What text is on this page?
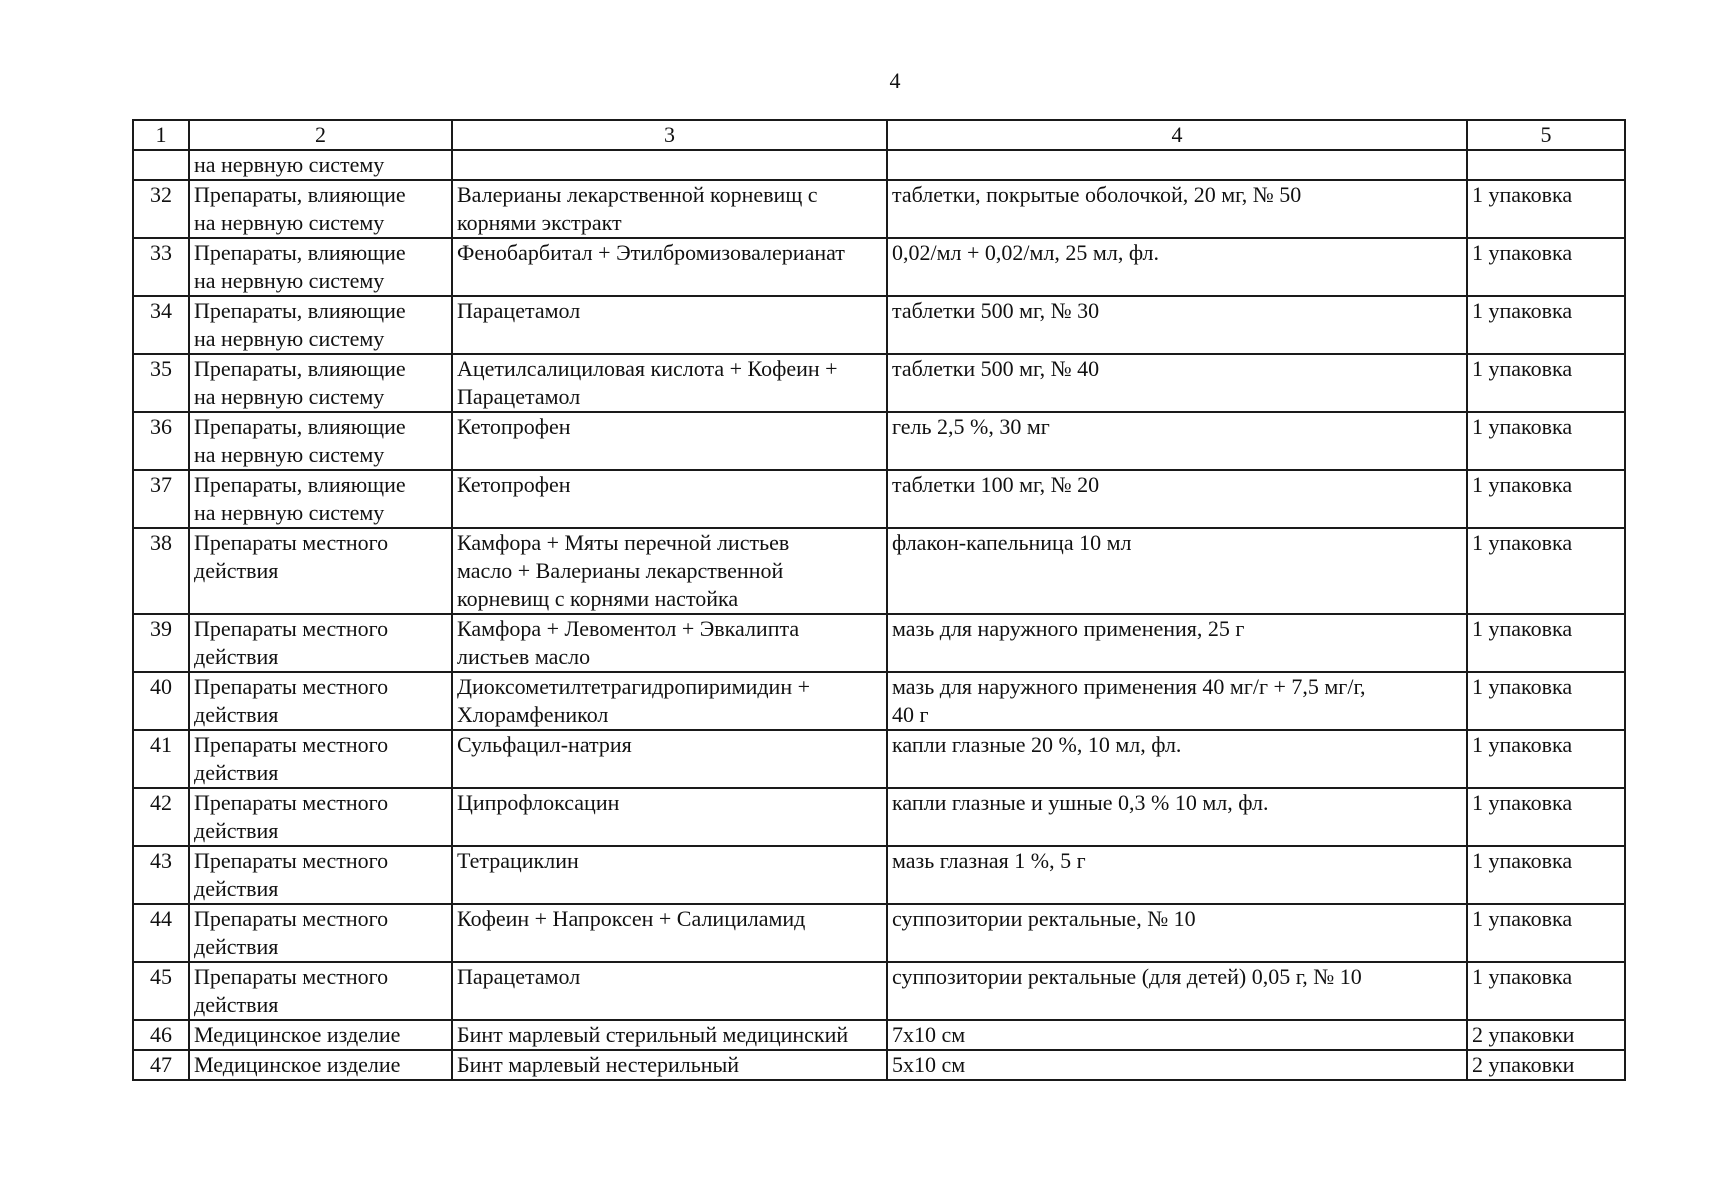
4
1	2	3	4	5
	на нервную систему			
32	Препараты, влияющие
на нервную систему	Валерианы лекарственной корневищ с
корнями экстракт	таблетки, покрытые оболочкой, 20 мг, № 50	1 упаковка
33	Препараты, влияющие
на нервную систему	Фенобарбитал + Этилбромизовалерианат	0,02/мл + 0,02/мл, 25 мл, фл.	1 упаковка
34	Препараты, влияющие
на нервную систему	Парацетамол	таблетки 500 мг, № 30	1 упаковка
35	Препараты, влияющие
на нервную систему	Ацетилсалициловая кислота + Кофеин +
Парацетамол	таблетки 500 мг, № 40	1 упаковка
36	Препараты, влияющие
на нервную систему	Кетопрофен	гель 2,5 %, 30 мг	1 упаковка
37	Препараты, влияющие
на нервную систему	Кетопрофен	таблетки 100 мг, № 20	1 упаковка
38	Препараты местного
действия	Камфора + Мяты перечной листьев
масло + Валерианы лекарственной
корневищ с корнями настойка	флакон-капельница 10 мл	1 упаковка
39	Препараты местного
действия	Камфора + Левоментол + Эвкалипта
листьев масло	мазь для наружного применения, 25 г	1 упаковка
40	Препараты местного
действия	Диоксометилтетрагидропиримидин +
Хлорамфеникол	мазь для наружного применения 40 мг/г + 7,5 мг/г,
40 г	1 упаковка
41	Препараты местного
действия	Сульфацил-натрия	капли глазные 20 %, 10 мл, фл.	1 упаковка
42	Препараты местного
действия	Ципрофлоксацин	капли глазные и ушные 0,3 % 10 мл, фл.	1 упаковка
43	Препараты местного
действия	Тетрациклин	мазь глазная 1 %, 5 г	1 упаковка
44	Препараты местного
действия	Кофеин + Напроксен + Салициламид	суппозитории ректальные, № 10	1 упаковка
45	Препараты местного
действия	Парацетамол	суппозитории ректальные (для детей) 0,05 г, № 10	1 упаковка
46	Медицинское изделие	Бинт марлевый стерильный медицинский	7х10 см	2 упаковки
47	Медицинское изделие	Бинт марлевый нестерильный	5х10 см	2 упаковки
